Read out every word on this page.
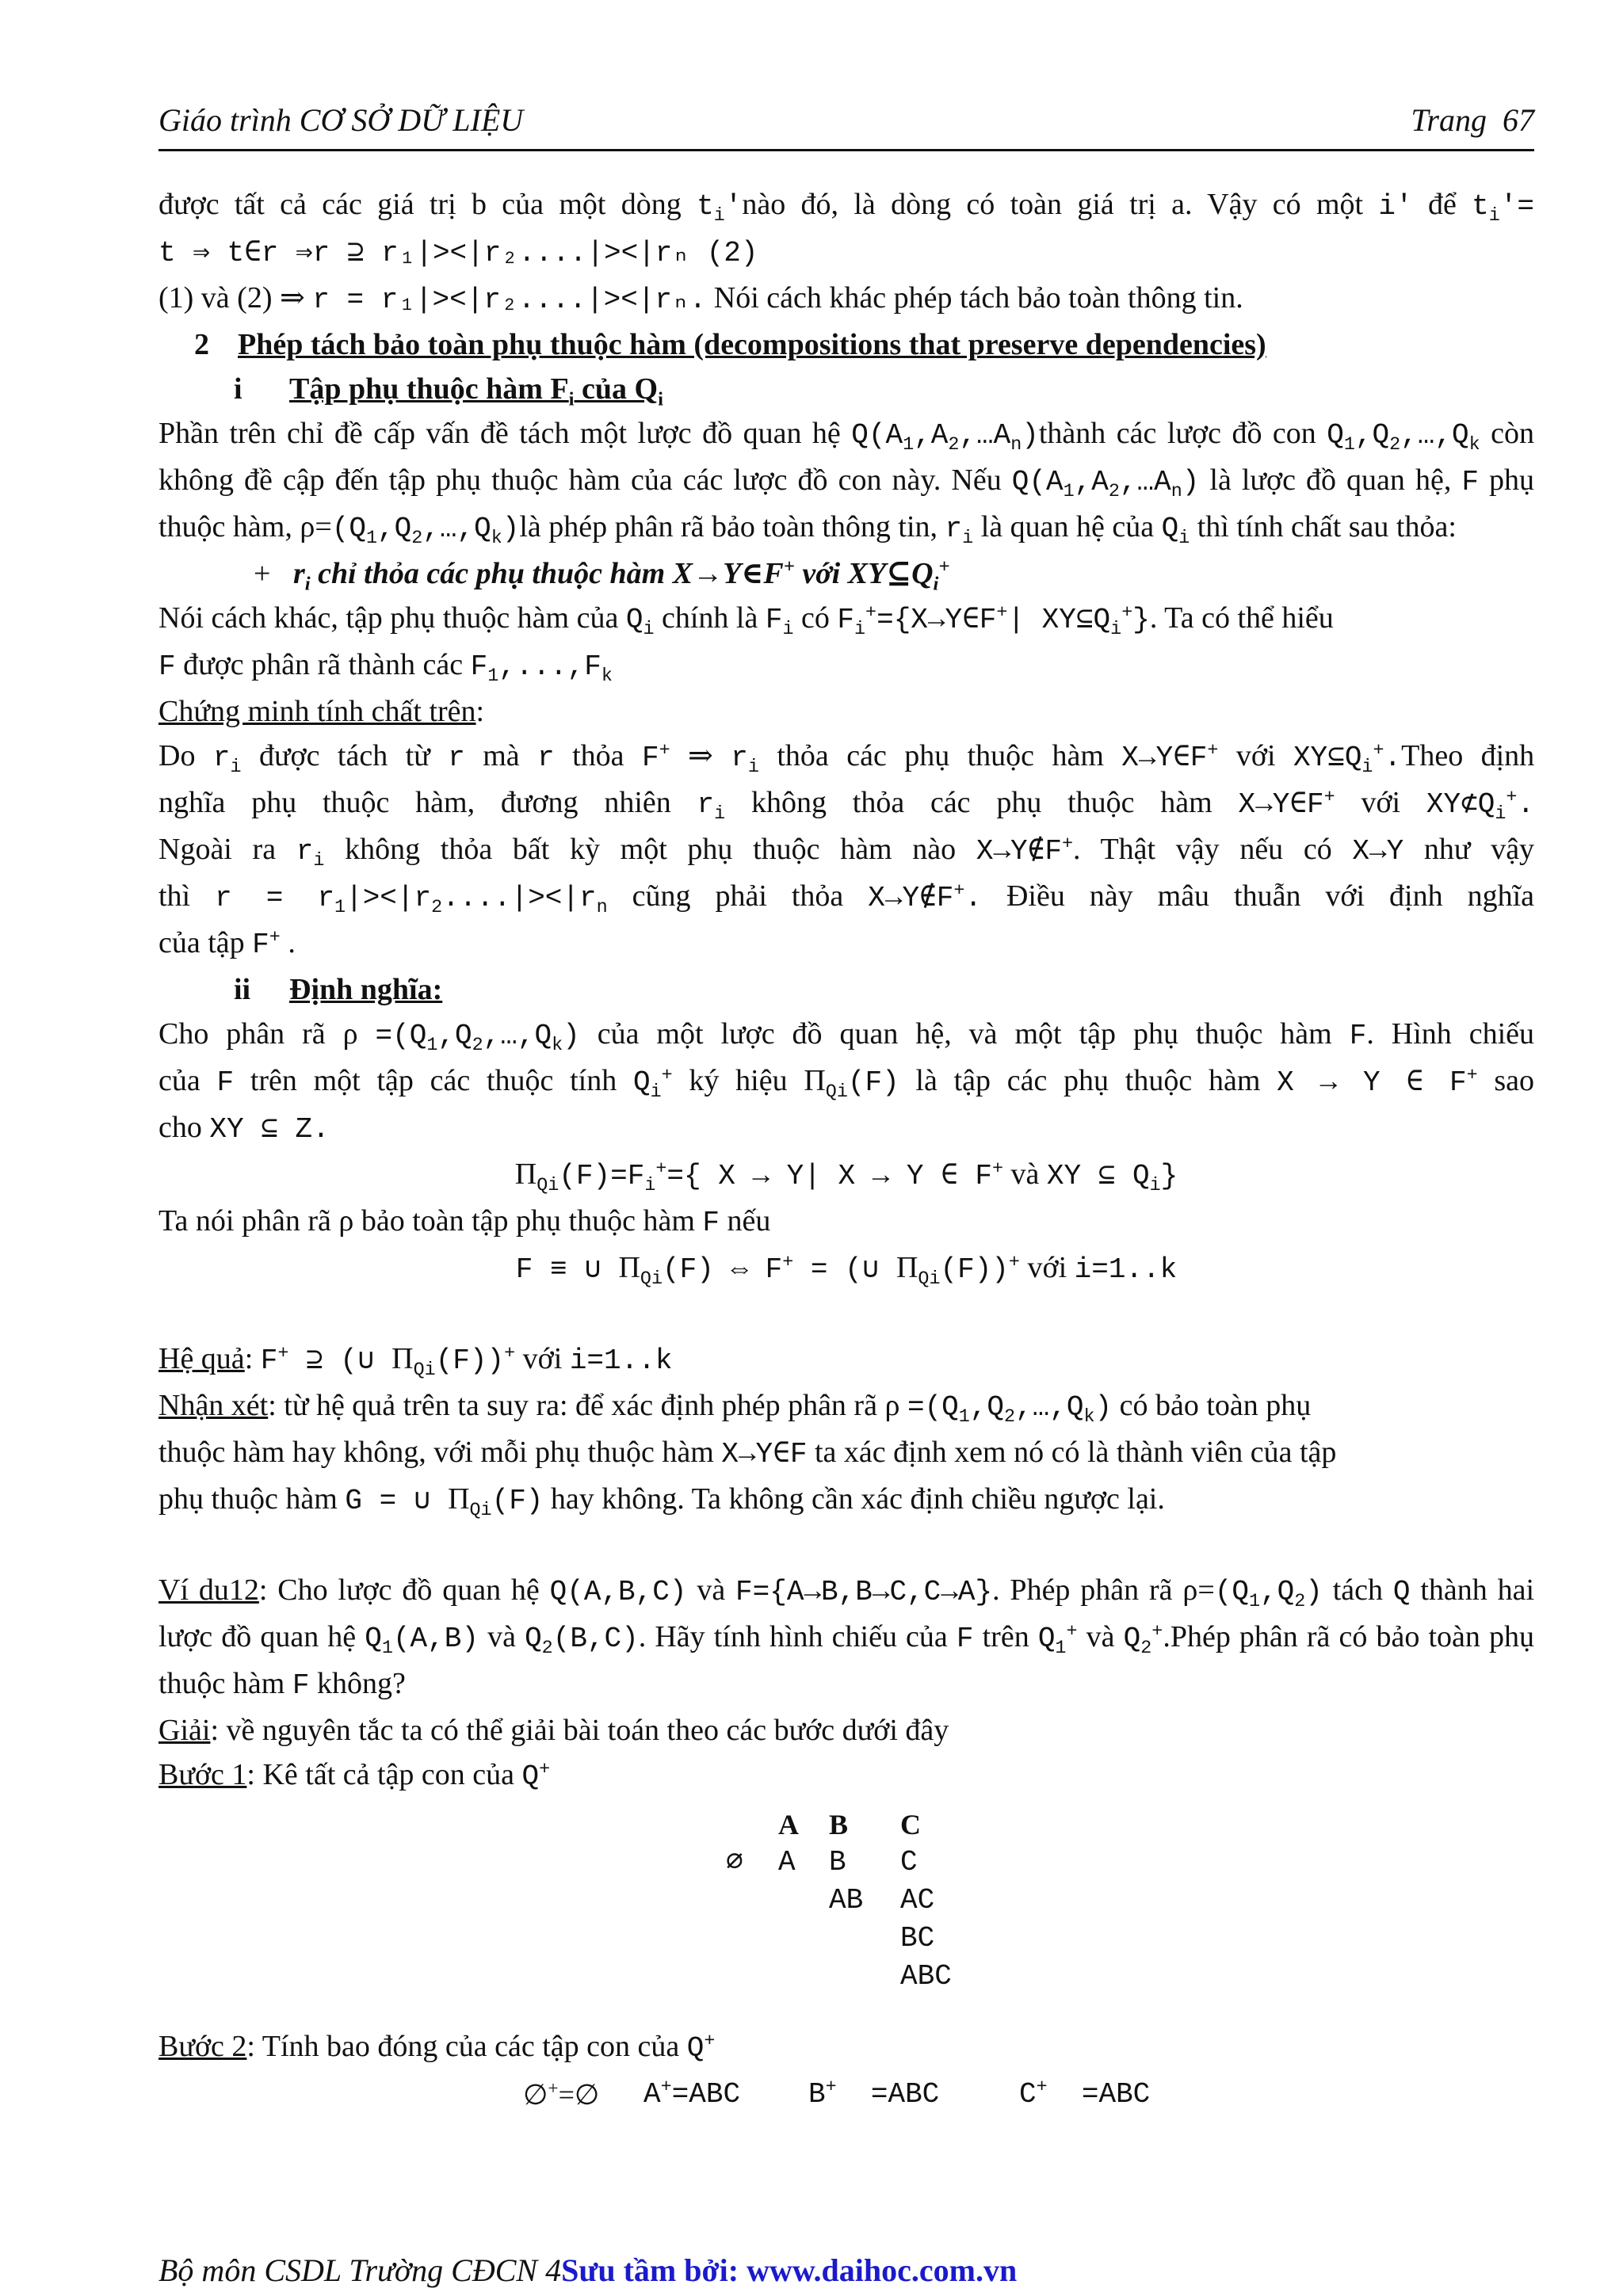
Giáo trình CƠ SỞ DỮ LIỆU	Trang 67

được tất cả các giá trị b của một dòng $t_i'nào$ đó, là dòng có toàn giá trị a. Vậy có một i′ để $t_i'=$

t ⇒ t∈r ⇒r ⊇ r₁|><|r₂....|><|rₙ (2)

(1) và (2) ⇒ r = r₁|><|r₂....|><|rₙ. Nói cách khác phép tách bảo toàn thông tin.

2 Phép tách bảo toàn phụ thuộc hàm (decompositions that preserve dependencies)

i Tập phụ thuộc hàm $F_i$ của $Q_i$

Phần trên chỉ đề cấp vấn đề tách một lược đồ quan hệ $Q(A_1,A_2,\dots A_n)thành$ các lược đồ con $Q_1,Q_2,\dots,Q_k$ còn không đề cập đến tập phụ thuộc hàm của các lược đồ con này. Nếu $Q(A_1,A_2,\dots A_n)$ là lược đồ quan hệ, F phụ thuộc hàm, $\rho=(Q_1,Q_2,\dots,Q_k)là$ phép phân rã bảo toàn thông tin, $r_i$ là quan hệ của $Q_i$ thì tính chất sau thỏa:

+ $r_i$ chỉ thỏa các phụ thuộc hàm X→Y∈F+ với $XY⊆Q_i^+$

Nói cách khác, tập phụ thuộc hàm của $Q_i$ chính là $F_i$ có $F_i^+=\{X\to Y\in F^+|$ $XY⊆Q_i^+$}. Ta có thể hiểu
F được phân rã thành các $F_1,...,F_k$

Chứng minh tính chất trên:

Do $r_i$ được tách từ r mà r thỏa F+ ⇒ $r_i$ thỏa các phụ thuộc hàm X→Y∈F+ với $XY⊆Q_i^+.Theo$ định

nghĩa phụ thuộc hàm, đương nhiên $r_i$ không thỏa các phụ thuộc hàm X→Y∈F+ với $XY⊄Q_i^+$.

Ngoài ra $r_i$ không thỏa bất kỳ một phụ thuộc hàm nào X→Y∉F+. Thật vậy nếu có X→Y như vậy

thì $r = r_1|><|r_2....|><|r_n$ cũng phải thỏa X→Y∉F+. Điều này mâu thuẫn với định nghĩa

của tập F+ .

ii Định nghĩa:

Cho phân rã $\rho =(Q_1,Q_2,\dots,Q_k)$ của một lược đồ quan hệ, và một tập phụ thuộc hàm F. Hình chiếu

của F trên một tập các thuộc tính $Q_i^+$ ký hiệu $\Pi_{Qi}(F)$ là tập các phụ thuộc hàm X → Y ∈ F+ sao

cho XY ⊆ Z.

$\Pi_{Qi}(F)=F_i^+=${ X → Y| X → Y ∈ F+ và XY ⊆ $Q_i$}

Ta nói phân rã ρ bảo toàn tập phụ thuộc hàm F nếu

F ≡ ∪ $\Pi_{Qi}(F)$ ⇔ F+ = (∪ $\Pi_{Qi}(F))^+$ với i=1..k

Hệ quả: F+ ⊇ (∪ $\Pi_{Qi}(F))^+$ với i=1..k

Nhận xét: từ hệ quả trên ta suy ra: để xác định phép phân rã $\rho =(Q_1,Q_2,\dots,Q_k)$ có bảo toàn phụ
thuộc hàm hay không, với mỗi phụ thuộc hàm X→Y∈F ta xác định xem nó có là thành viên của tập
phụ thuộc hàm G = ∪ $\Pi_{Qi}(F)$ hay không. Ta không cần xác định chiều ngược lại.

Ví du12: Cho lược đồ quan hệ Q(A,B,C) và F={A→B,B→C,C→A}. Phép phân rã $\rho=(Q_1,Q_2)$ tách Q thành hai lược đồ quan hệ $Q_1(A,B)$ và $Q_2(B,C)$. Hãy tính hình chiếu của F trên $Q_1^+$ và $Q_2^+.Phép$ phân rã có bảo toàn phụ thuộc hàm F không?

Giải: về nguyên tắc ta có thể giải bài toán theo các bước dưới đây

Bước 1: Kê tất cả tập con của Q+

A B C
∅ A B C
AB AC
BC
ABC

Bước 2: Tính bao đóng của các tập con của Q+

∅+=∅ A+ =ABC B+ =ABC	C+ =ABC
Bộ môn CSDL Trường CĐCN 4Sưu tầm bởi: www.daihoc.com.vn
